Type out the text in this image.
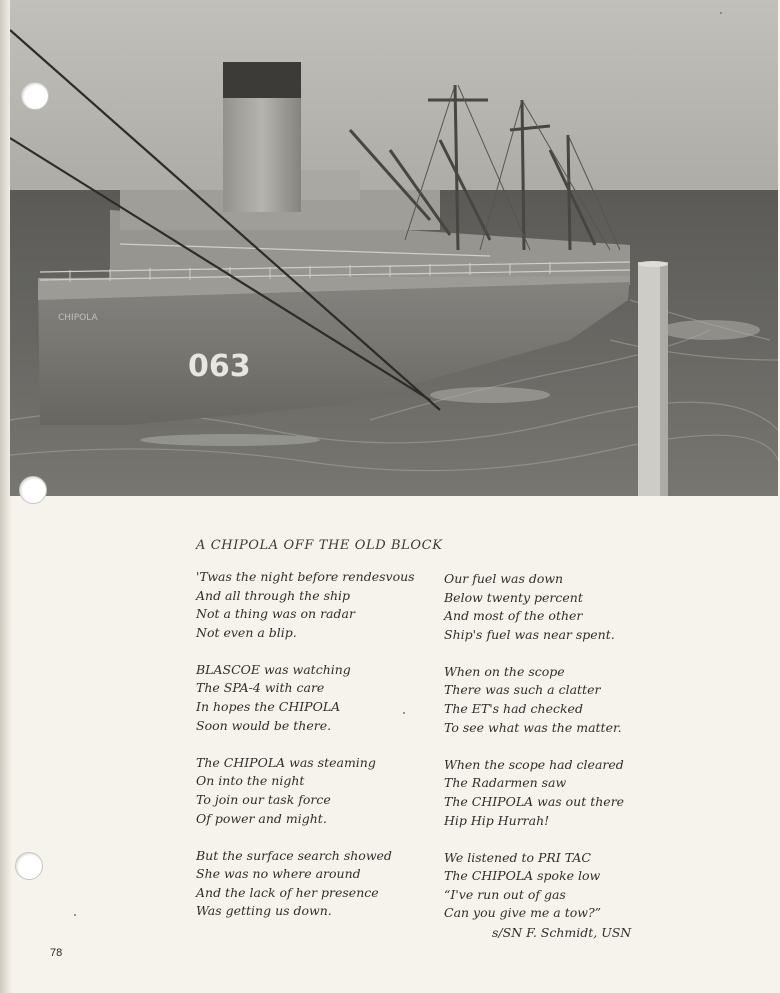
CHIPOLA
063
A CHIPOLA OFF THE OLD BLOCK
'Twas the night before rendesvous
And all through the ship
Not a thing was on radar
Not even a blip.
BLASCOE was watching
The SPA-4 with care
In hopes the CHIPOLA
Soon would be there.
The CHIPOLA was steaming
On into the night
To join our task force
Of power and might.
But the surface search showed
She was no where around
And the lack of her presence
Was getting us down.
Our fuel was down
Below twenty percent
And most of the other
Ship's fuel was near spent.
When on the scope
There was such a clatter
The ET's had checked
To see what was the matter.
When the scope had cleared
The Radarmen saw
The CHIPOLA was out there
Hip Hip Hurrah!
We listened to PRI TAC
The CHIPOLA spoke low
“I've run out of gas
Can you give me a tow?”
s/SN F. Schmidt, USN
78
